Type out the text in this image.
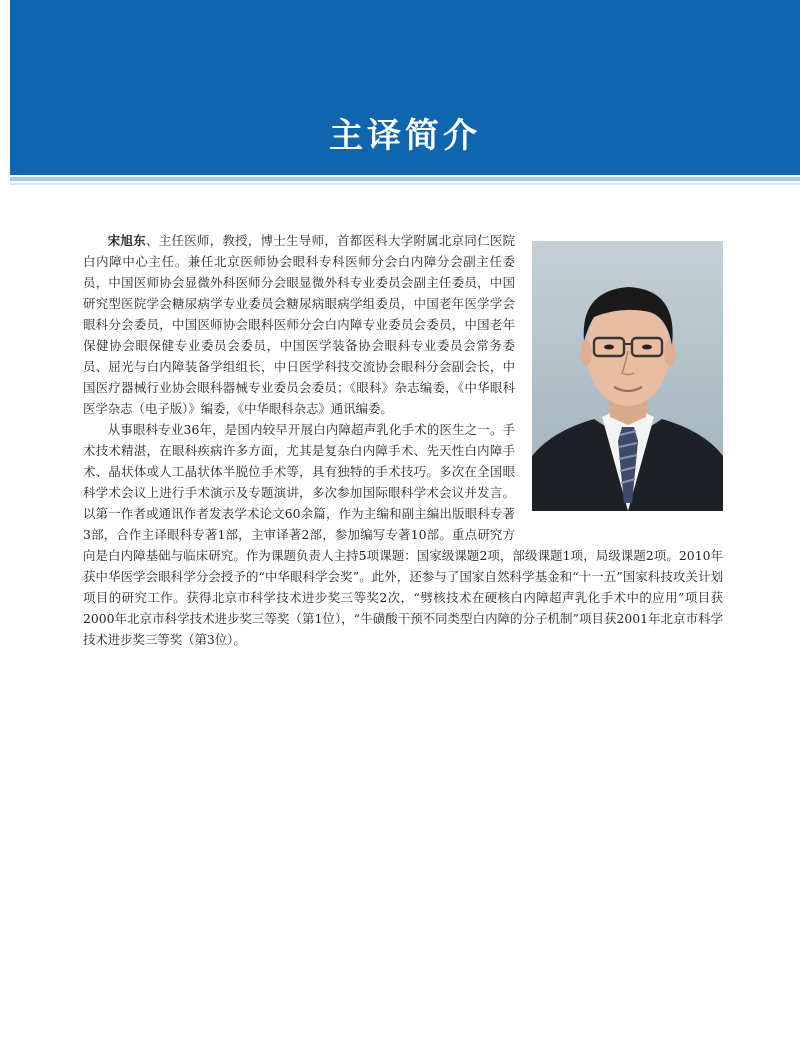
主译简介

宋旭东、主任医师，教授，博士生导师，首都医科大学附属北京同仁医院白内障中心主任。兼任北京医师协会眼科专科医师分会白内障分会副主任委员，中国医师协会显微外科医师分会眼显微外科专业委员会副主任委员，中国研究型医院学会糖尿病学专业委员会糖尿病眼病学组委员，中国老年医学学会眼科分会委员，中国医师协会眼科医师分会白内障专业委员会委员，中国老年保健协会眼保健专业委员会委员，中国医学装备协会眼科专业委员会常务委员、屈光与白内障装备学组组长，中日医学科技交流协会眼科分会副会长，中国医疗器械行业协会眼科器械专业委员会委员；《眼科》杂志编委，《中华眼科医学杂志（电子版）》编委，《中华眼科杂志》通讯编委。

从事眼科专业36年，是国内较早开展白内障超声乳化手术的医生之一。手术技术精湛，在眼科疾病许多方面，尤其是复杂白内障手术、先天性白内障手术、晶状体或人工晶状体半脱位手术等，具有独特的手术技巧。多次在全国眼科学术会议上进行手术演示及专题演讲，多次参加国际眼科学术会议并发言。以第一作者或通讯作者发表学术论文60余篇，作为主编和副主编出版眼科专著3部，合作主译眼科专著1部，主审译著2部，参加编写专著10部。重点研究方向是白内障基础与临床研究。作为课题负责人主持5项课题：国家级课题2项，部级课题1项，局级课题2项。2010年获中华医学会眼科学分会授予的“中华眼科学会奖”。此外，还参与了国家自然科学基金和“十一五”国家科技攻关计划项目的研究工作。获得北京市科学技术进步奖三等奖2次，“劈核技术在硬核白内障超声乳化手术中的应用”项目获2000年北京市科学技术进步奖三等奖（第1位），“牛磺酸干预不同类型白内障的分子机制”项目获2001年北京市科学技术进步奖三等奖（第3位）。
